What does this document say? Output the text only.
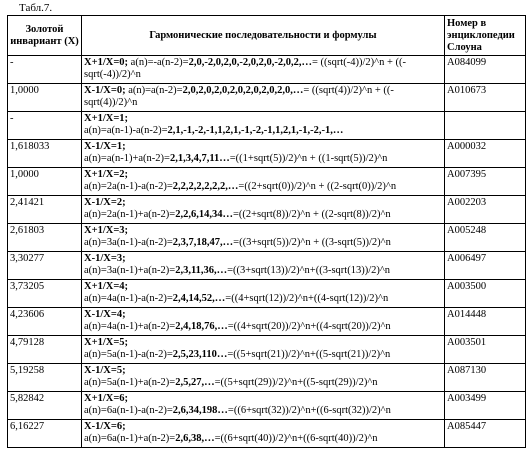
Табл.7.
Золотой инвариант (X)	Гармонические последовательности и формулы	Номер в энциклопедии Слоуна
-	X+1/X=0; a(n)=-a(n-2)=2,0,-2,0,2,0,-2,0,2,0,-2,0,2,…= ((sqrt(-4))/2)^n + ((-sqrt(-4))/2)^n	A084099
1,0000	X-1/X=0; a(n)=a(n-2)=2,0,2,0,2,0,2,0,2,0,2,0,2,0,…= ((sqrt(4))/2)^n + ((-sqrt(4))/2)^n	A010673
-	X+1/X=1;
a(n)=a(n-1)-a(n-2)=2,1,-1,-2,-1,1,2,1,-1,-2,-1,1,2,1,-1,-2,-1,…	

1,618033	X-1/X=1;
a(n)=a(n-1)+a(n-2)=2,1,3,4,7,11…=((1+sqrt(5))/2)^n + ((1-sqrt(5))/2)^n	A000032
1,0000	X+1/X=2;
a(n)=2a(n-1)-a(n-2)=2,2,2,2,2,2,2,…=((2+sqrt(0))/2)^n + ((2-sqrt(0))/2)^n	A007395
2,41421	X-1/X=2;
a(n)=2a(n-1)+a(n-2)=2,2,6,14,34…=((2+sqrt(8))/2)^n + ((2-sqrt(8))/2)^n	A002203
2,61803	X+1/X=3;
a(n)=3a(n-1)-a(n-2)=2,3,7,18,47,…=((3+sqrt(5))/2)^n + ((3-sqrt(5))/2)^n	A005248
3,30277	X-1/X=3;
a(n)=3a(n-1)+a(n-2)=2,3,11,36,…=((3+sqrt(13))/2)^n+((3-sqrt(13))/2)^n	A006497
3,73205	X+1/X=4;
a(n)=4a(n-1)-a(n-2)=2,4,14,52,…=((4+sqrt(12))/2)^n+((4-sqrt(12))/2)^n	A003500
4,23606	X-1/X=4;
a(n)=4a(n-1)+a(n-2)=2,4,18,76,…=((4+sqrt(20))/2)^n+((4-sqrt(20))/2)^n	A014448
4,79128	X+1/X=5;
a(n)=5a(n-1)-a(n-2)=2,5,23,110…=((5+sqrt(21))/2)^n+((5-sqrt(21))/2)^n	A003501
5,19258	X-1/X=5;
a(n)=5a(n-1)+a(n-2)=2,5,27,…=((5+sqrt(29))/2)^n+((5-sqrt(29))/2)^n	A087130
5,82842	X+1/X=6;
a(n)=6a(n-1)-a(n-2)=2,6,34,198…=((6+sqrt(32))/2)^n+((6-sqrt(32))/2)^n	A003499
6,16227	X-1/X=6;
a(n)=6a(n-1)+a(n-2)=2,6,38,…=((6+sqrt(40))/2)^n+((6-sqrt(40))/2)^n	A085447
